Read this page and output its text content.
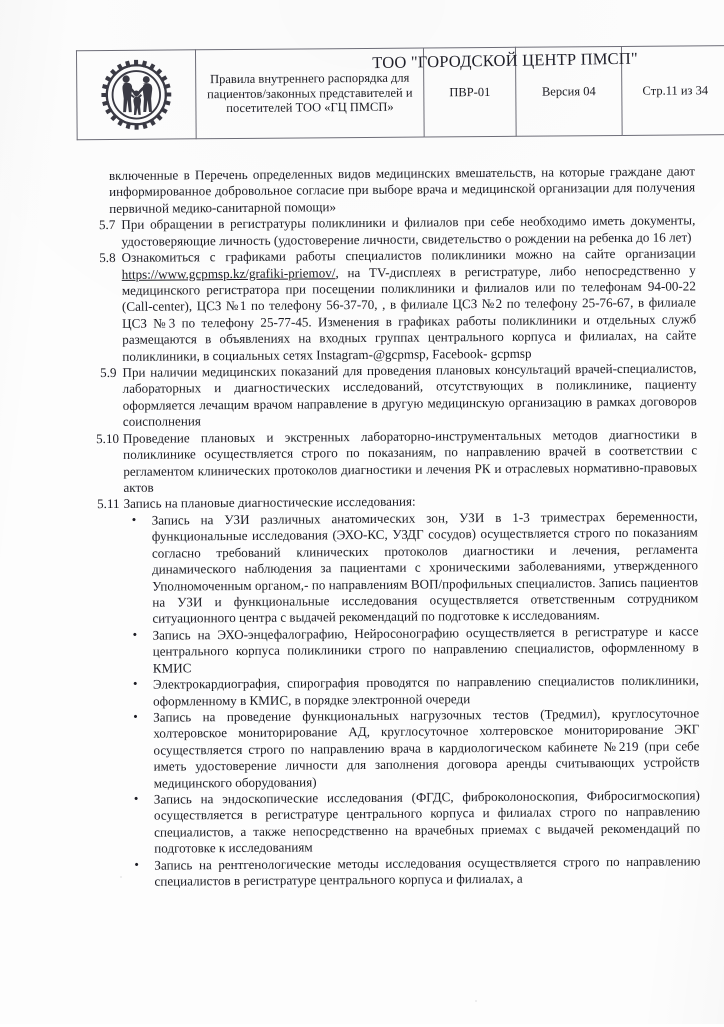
	Правила внутреннего распорядка для пациентов/законных представителей и посетителей ТОО «ГЦ ПМСП»	ПВР-01	Версия 04	Стр.11 из 34
ТОО "ГОРОДСКОЙ ЦЕНТР ПМСП"

включенные в Перечень определенных видов медицинских вмешательств, на которые граждане дают информированное добровольное согласие при выборе врача и медицинской организации для получения первичной медико-санитарной помощи»

5.7 При обращении в регистратуры поликлиники и филиалов при себе необходимо иметь документы, удостоверяющие личность (удостоверение личности, свидетельство о рождении на ребенка до 16 лет)
5.8 Ознакомиться с графиками работы специалистов поликлиники можно на сайте организации https://www.gcpmsp.kz/grafiki-priemov/, на TV-дисплеях в регистратуре, либо непосредственно у медицинского регистратора при посещении поликлиники и филиалов или по телефонам 94-00-22 (Call-center), ЦСЗ №1 по телефону 56-37-70, , в филиале ЦСЗ №2 по телефону 25-76-67, в филиале ЦСЗ №3 по телефону 25-77-45. Изменения в графиках работы поликлиники и отдельных служб размещаются в объявлениях на входных группах центрального корпуса и филиалах, на сайте поликлиники, в социальных сетях Instagram-@gcpmsp, Facebook- gcpmsp
5.9 При наличии медицинских показаний для проведения плановых консультаций врачей-специалистов, лабораторных и диагностических исследований, отсутствующих в поликлинике, пациенту оформляется лечащим врачом направление в другую медицинскую организацию в рамках договоров соисполнения
5.10 Проведение плановых и экстренных лабораторно-инструментальных методов диагностики в поликлинике осуществляется строго по показаниям, по направлению врачей в соответствии с регламентом клинических протоколов диагностики и лечения РК и отраслевых нормативно-правовых актов
5.11 Запись на плановые диагностические исследования:
• Запись на УЗИ различных анатомических зон, УЗИ в 1-3 триместрах беременности, функциональные исследования (ЭХО-КС, УЗДГ сосудов) осуществляется строго по показаниям согласно требований клинических протоколов диагностики и лечения, регламента динамического наблюдения за пациентами с хроническими заболеваниями, утвержденного Уполномоченным органом,- по направлениям ВОП/профильных специалистов. Запись пациентов на УЗИ и функциональные исследования осуществляется ответственным сотрудником ситуационного центра с выдачей рекомендаций по подготовке к исследованиям.
• Запись на ЭХО-энцефалографию, Нейросонографию осуществляется в регистратуре и кассе центрального корпуса поликлиники строго по направлению специалистов, оформленному в КМИС
• Электрокардиография, спирография проводятся по направлению специалистов поликлиники, оформленному в КМИС, в порядке электронной очереди
• Запись на проведение функциональных нагрузочных тестов (Тредмил), круглосуточное холтеровское мониторирование АД, круглосуточное холтеровское мониторирование ЭКГ осуществляется строго по направлению врача в кардиологическом кабинете №219 (при себе иметь удостоверение личности для заполнения договора аренды считывающих устройств медицинского оборудования)
• Запись на эндоскопические исследования (ФГДС, фиброколоноскопия, Фибросигмоскопия) осуществляется в регистратуре центрального корпуса и филиалах строго по направлению специалистов, а также непосредственно на врачебных приемах с выдачей рекомендаций по подготовке к исследованиям
• Запись на рентгенологические методы исследования осуществляется строго по направлению специалистов в регистратуре центрального корпуса и филиалах, а
